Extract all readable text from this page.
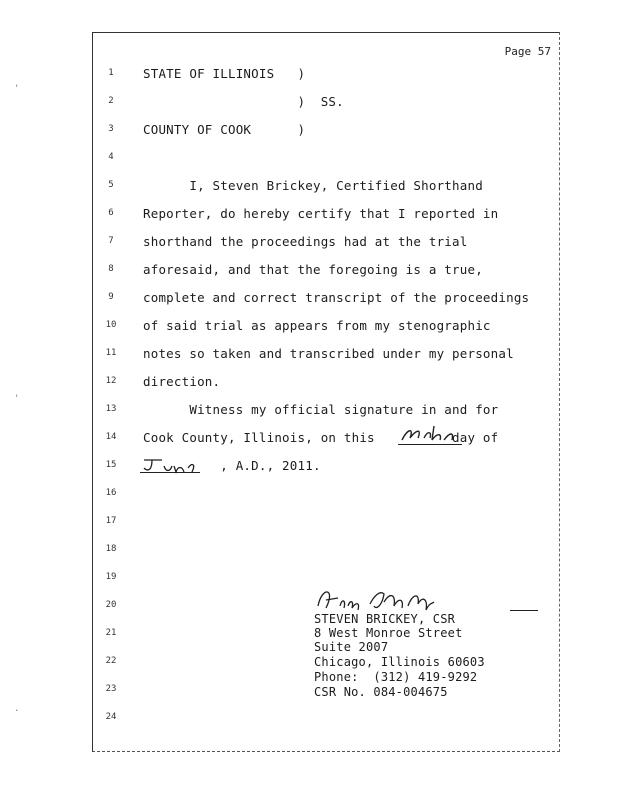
Page 57
1
2
3
4
5
6
7
8
9
10
11
12
13
14
15
16
17
18
19
20
21
22
23
24
STATE OF ILLINOIS   )
)  SS.
COUNTY OF COOK      )
I, Steven Brickey, Certified Shorthand
Reporter, do hereby certify that I reported in
shorthand the proceedings had at the trial
aforesaid, and that the foregoing is a true,
complete and correct transcript of the proceedings
of said trial as appears from my stenographic
notes so taken and transcribed under my personal
direction.
Witness my official signature in and for
Cook County, Illinois, on this          day of
, A.D., 2011.
STEVEN BRICKEY, CSR
8 West Monroe Street
Suite 2007
Chicago, Illinois 60603
Phone:  (312) 419-9292
CSR No. 084-004675
'
'
.
